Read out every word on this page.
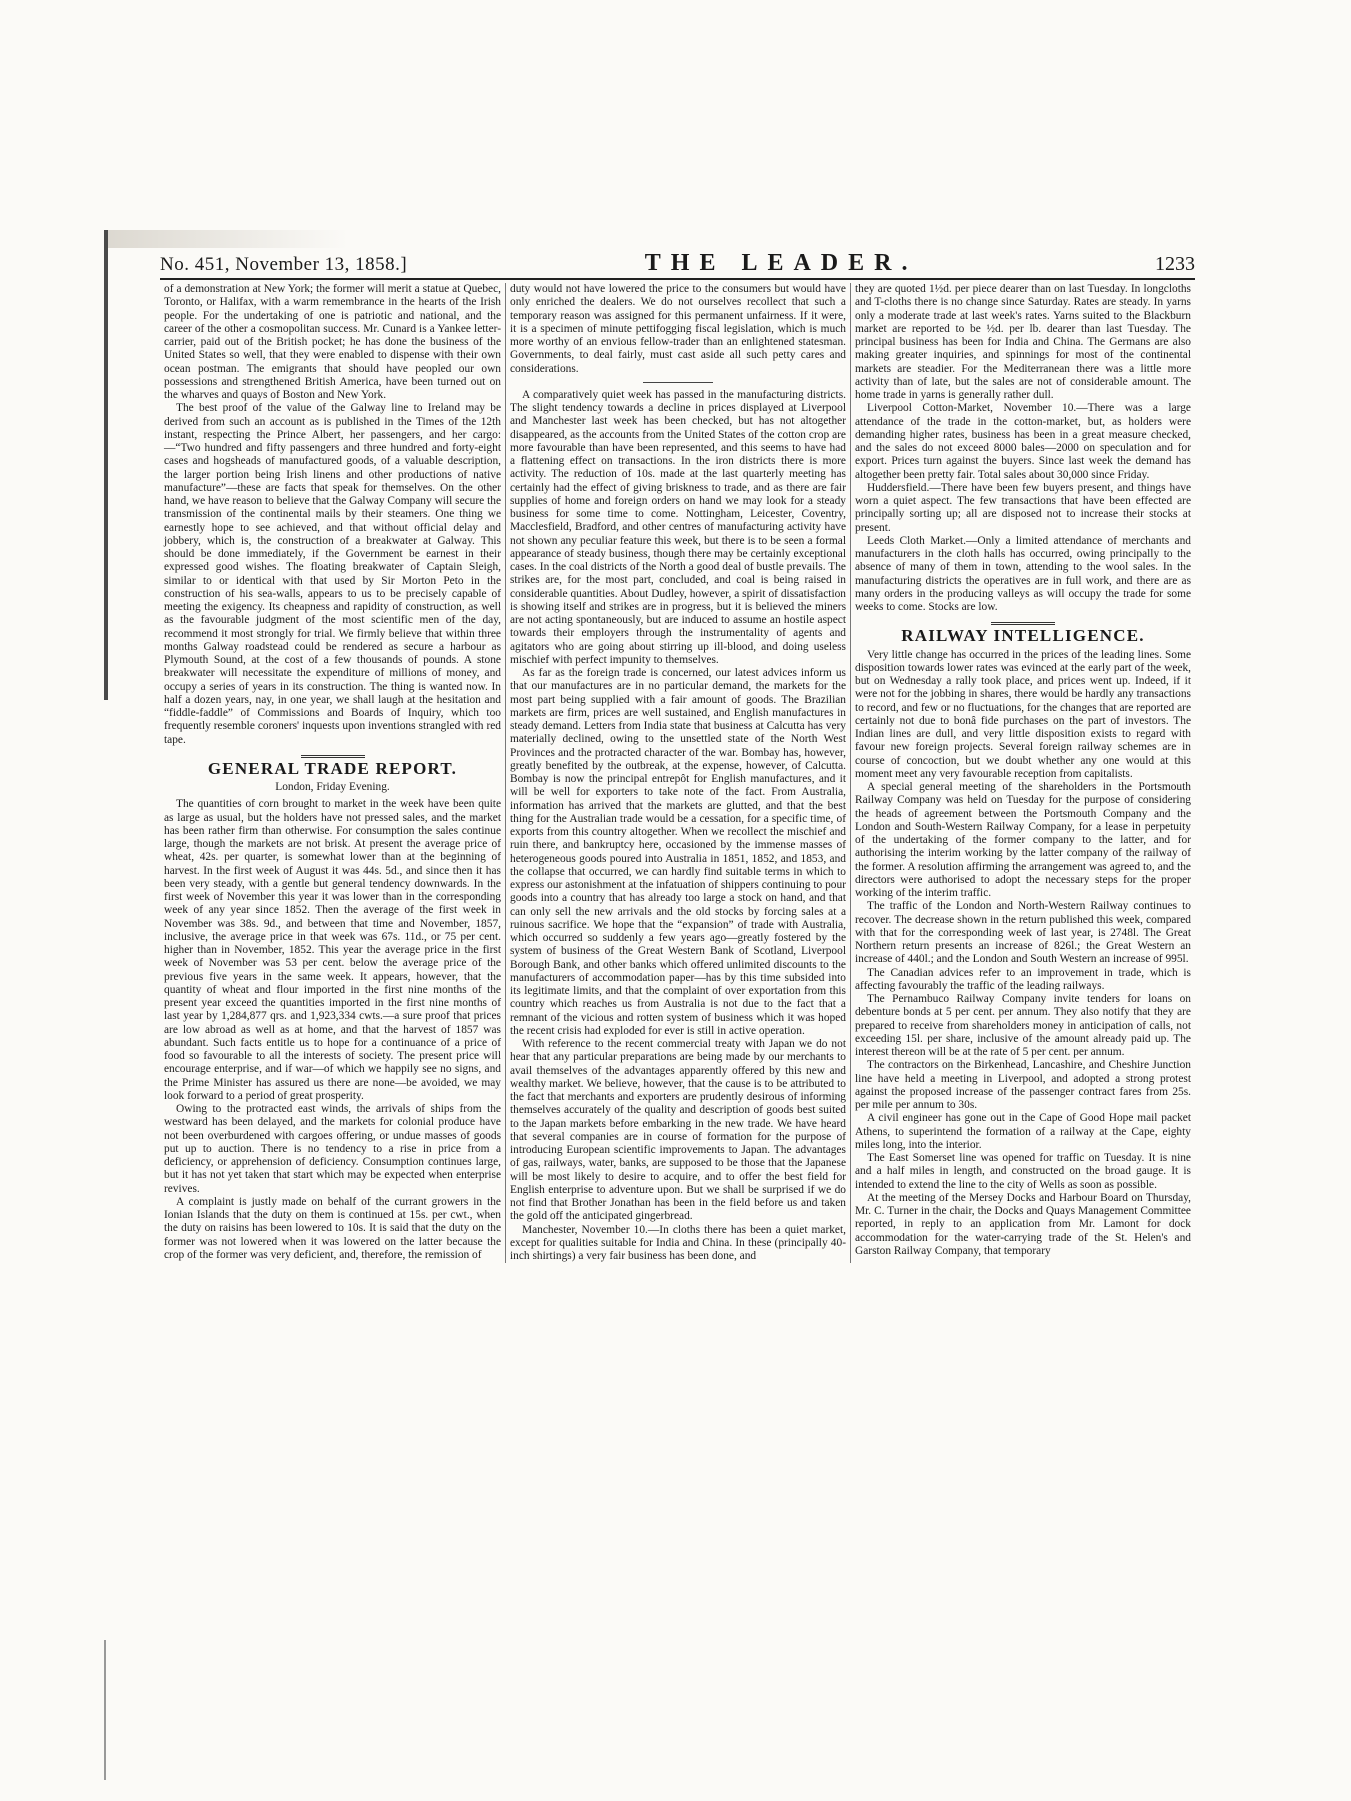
No. 451, November 13, 1858.]	THE LEADER.	1233

of a demonstration at New York; the former will merit a statue at Quebec, Toronto, or Halifax, with a warm remembrance in the hearts of the Irish people. For the undertaking of one is patriotic and national, and the career of the other a cosmopolitan success. Mr. Cunard is a Yankee letter-carrier, paid out of the British pocket; he has done the business of the United States so well, that they were enabled to dispense with their own ocean postman. The emigrants that should have peopled our own possessions and strengthened British America, have been turned out on the wharves and quays of Boston and New York.

The best proof of the value of the Galway line to Ireland may be derived from such an account as is published in the Times of the 12th instant, respecting the Prince Albert, her passengers, and her cargo:—“Two hundred and fifty passengers and three hundred and forty-eight cases and hogsheads of manufactured goods, of a valuable description, the larger portion being Irish linens and other productions of native manufacture”—these are facts that speak for themselves. On the other hand, we have reason to believe that the Galway Company will secure the transmission of the continental mails by their steamers. One thing we earnestly hope to see achieved, and that without official delay and jobbery, which is, the construction of a breakwater at Galway. This should be done immediately, if the Government be earnest in their expressed good wishes. The floating breakwater of Captain Sleigh, similar to or identical with that used by Sir Morton Peto in the construction of his sea-walls, appears to us to be precisely capable of meeting the exigency. Its cheapness and rapidity of construction, as well as the favourable judgment of the most scientific men of the day, recommend it most strongly for trial. We firmly believe that within three months Galway roadstead could be rendered as secure a harbour as Plymouth Sound, at the cost of a few thousands of pounds. A stone breakwater will necessitate the expenditure of millions of money, and occupy a series of years in its construction. The thing is wanted now. In half a dozen years, nay, in one year, we shall laugh at the hesitation and “fiddle-faddle” of Commissions and Boards of Inquiry, which too frequently resemble coroners' inquests upon inventions strangled with red tape.

GENERAL TRADE REPORT.
London, Friday Evening.

The quantities of corn brought to market in the week have been quite as large as usual, but the holders have not pressed sales, and the market has been rather firm than otherwise. For consumption the sales continue large, though the markets are not brisk. At present the average price of wheat, 42s. per quarter, is somewhat lower than at the beginning of harvest. In the first week of August it was 44s. 5d., and since then it has been very steady, with a gentle but general tendency downwards. In the first week of November this year it was lower than in the corresponding week of any year since 1852. Then the average of the first week in November was 38s. 9d., and between that time and November, 1857, inclusive, the average price in that week was 67s. 11d., or 75 per cent. higher than in November, 1852. This year the average price in the first week of November was 53 per cent. below the average price of the previous five years in the same week. It appears, however, that the quantity of wheat and flour imported in the first nine months of the present year exceed the quantities imported in the first nine months of last year by 1,284,877 qrs. and 1,923,334 cwts.—a sure proof that prices are low abroad as well as at home, and that the harvest of 1857 was abundant. Such facts entitle us to hope for a continuance of a price of food so favourable to all the interests of society. The present price will encourage enterprise, and if war—of which we happily see no signs, and the Prime Minister has assured us there are none—be avoided, we may look forward to a period of great prosperity.

Owing to the protracted east winds, the arrivals of ships from the westward has been delayed, and the markets for colonial produce have not been overburdened with cargoes offering, or undue masses of goods put up to auction. There is no tendency to a rise in price from a deficiency, or apprehension of deficiency. Consumption continues large, but it has not yet taken that start which may be expected when enterprise revives.

A complaint is justly made on behalf of the currant growers in the Ionian Islands that the duty on them is continued at 15s. per cwt., when the duty on raisins has been lowered to 10s. It is said that the duty on the former was not lowered when it was lowered on the latter because the crop of the former was very deficient, and, therefore, the remission of

duty would not have lowered the price to the consumers but would have only enriched the dealers. We do not ourselves recollect that such a temporary reason was assigned for this permanent unfairness. If it were, it is a specimen of minute pettifogging fiscal legislation, which is much more worthy of an envious fellow-trader than an enlightened statesman. Governments, to deal fairly, must cast aside all such petty cares and considerations.

A comparatively quiet week has passed in the manufacturing districts. The slight tendency towards a decline in prices displayed at Liverpool and Manchester last week has been checked, but has not altogether disappeared, as the accounts from the United States of the cotton crop are more favourable than have been represented, and this seems to have had a flattening effect on transactions. In the iron districts there is more activity. The reduction of 10s. made at the last quarterly meeting has certainly had the effect of giving briskness to trade, and as there are fair supplies of home and foreign orders on hand we may look for a steady business for some time to come. Nottingham, Leicester, Coventry, Macclesfield, Bradford, and other centres of manufacturing activity have not shown any peculiar feature this week, but there is to be seen a formal appearance of steady business, though there may be certainly exceptional cases. In the coal districts of the North a good deal of bustle prevails. The strikes are, for the most part, concluded, and coal is being raised in considerable quantities. About Dudley, however, a spirit of dissatisfaction is showing itself and strikes are in progress, but it is believed the miners are not acting spontaneously, but are induced to assume an hostile aspect towards their employers through the instrumentality of agents and agitators who are going about stirring up ill-blood, and doing useless mischief with perfect impunity to themselves.

As far as the foreign trade is concerned, our latest advices inform us that our manufactures are in no particular demand, the markets for the most part being supplied with a fair amount of goods. The Brazilian markets are firm, prices are well sustained, and English manufactures in steady demand. Letters from India state that business at Calcutta has very materially declined, owing to the unsettled state of the North West Provinces and the protracted character of the war. Bombay has, however, greatly benefited by the outbreak, at the expense, however, of Calcutta. Bombay is now the principal entrepôt for English manufactures, and it will be well for exporters to take note of the fact. From Australia, information has arrived that the markets are glutted, and that the best thing for the Australian trade would be a cessation, for a specific time, of exports from this country altogether. When we recollect the mischief and ruin there, and bankruptcy here, occasioned by the immense masses of heterogeneous goods poured into Australia in 1851, 1852, and 1853, and the collapse that occurred, we can hardly find suitable terms in which to express our astonishment at the infatuation of shippers continuing to pour goods into a country that has already too large a stock on hand, and that can only sell the new arrivals and the old stocks by forcing sales at a ruinous sacrifice. We hope that the “expansion” of trade with Australia, which occurred so suddenly a few years ago—greatly fostered by the system of business of the Great Western Bank of Scotland, Liverpool Borough Bank, and other banks which offered unlimited discounts to the manufacturers of accommodation paper—has by this time subsided into its legitimate limits, and that the complaint of over exportation from this country which reaches us from Australia is not due to the fact that a remnant of the vicious and rotten system of business which it was hoped the recent crisis had exploded for ever is still in active operation.

With reference to the recent commercial treaty with Japan we do not hear that any particular preparations are being made by our merchants to avail themselves of the advantages apparently offered by this new and wealthy market. We believe, however, that the cause is to be attributed to the fact that merchants and exporters are prudently desirous of informing themselves accurately of the quality and description of goods best suited to the Japan markets before embarking in the new trade. We have heard that several companies are in course of formation for the purpose of introducing European scientific improvements to Japan. The advantages of gas, railways, water, banks, are supposed to be those that the Japanese will be most likely to desire to acquire, and to offer the best field for English enterprise to adventure upon. But we shall be surprised if we do not find that Brother Jonathan has been in the field before us and taken the gold off the anticipated gingerbread.

Manchester, November 10.—In cloths there has been a quiet market, except for qualities suitable for India and China. In these (principally 40-inch shirtings) a very fair business has been done, and

they are quoted 1½d. per piece dearer than on last Tuesday. In longcloths and T-cloths there is no change since Saturday. Rates are steady. In yarns only a moderate trade at last week's rates. Yarns suited to the Blackburn market are reported to be ½d. per lb. dearer than last Tuesday. The principal business has been for India and China. The Germans are also making greater inquiries, and spinnings for most of the continental markets are steadier. For the Mediterranean there was a little more activity than of late, but the sales are not of considerable amount. The home trade in yarns is generally rather dull.

Liverpool Cotton-Market, November 10.—There was a large attendance of the trade in the cotton-market, but, as holders were demanding higher rates, business has been in a great measure checked, and the sales do not exceed 8000 bales—2000 on speculation and for export. Prices turn against the buyers. Since last week the demand has altogether been pretty fair. Total sales about 30,000 since Friday.

Huddersfield.—There have been few buyers present, and things have worn a quiet aspect. The few transactions that have been effected are principally sorting up; all are disposed not to increase their stocks at present.

Leeds Cloth Market.—Only a limited attendance of merchants and manufacturers in the cloth halls has occurred, owing principally to the absence of many of them in town, attending to the wool sales. In the manufacturing districts the operatives are in full work, and there are as many orders in the producing valleys as will occupy the trade for some weeks to come. Stocks are low.

RAILWAY INTELLIGENCE.

Very little change has occurred in the prices of the leading lines. Some disposition towards lower rates was evinced at the early part of the week, but on Wednesday a rally took place, and prices went up. Indeed, if it were not for the jobbing in shares, there would be hardly any transactions to record, and few or no fluctuations, for the changes that are reported are certainly not due to bonâ fide purchases on the part of investors. The Indian lines are dull, and very little disposition exists to regard with favour new foreign projects. Several foreign railway schemes are in course of concoction, but we doubt whether any one would at this moment meet any very favourable reception from capitalists.

A special general meeting of the shareholders in the Portsmouth Railway Company was held on Tuesday for the purpose of considering the heads of agreement between the Portsmouth Company and the London and South-Western Railway Company, for a lease in perpetuity of the undertaking of the former company to the latter, and for authorising the interim working by the latter company of the railway of the former. A resolution affirming the arrangement was agreed to, and the directors were authorised to adopt the necessary steps for the proper working of the interim traffic.

The traffic of the London and North-Western Railway continues to recover. The decrease shown in the return published this week, compared with that for the corresponding week of last year, is 2748l. The Great Northern return presents an increase of 826l.; the Great Western an increase of 440l.; and the London and South Western an increase of 995l.

The Canadian advices refer to an improvement in trade, which is affecting favourably the traffic of the leading railways.

The Pernambuco Railway Company invite tenders for loans on debenture bonds at 5 per cent. per annum. They also notify that they are prepared to receive from shareholders money in anticipation of calls, not exceeding 15l. per share, inclusive of the amount already paid up. The interest thereon will be at the rate of 5 per cent. per annum.

The contractors on the Birkenhead, Lancashire, and Cheshire Junction line have held a meeting in Liverpool, and adopted a strong protest against the proposed increase of the passenger contract fares from 25s. per mile per annum to 30s.

A civil engineer has gone out in the Cape of Good Hope mail packet Athens, to superintend the formation of a railway at the Cape, eighty miles long, into the interior.

The East Somerset line was opened for traffic on Tuesday. It is nine and a half miles in length, and constructed on the broad gauge. It is intended to extend the line to the city of Wells as soon as possible.

At the meeting of the Mersey Docks and Harbour Board on Thursday, Mr. C. Turner in the chair, the Docks and Quays Management Committee reported, in reply to an application from Mr. Lamont for dock accommodation for the water-carrying trade of the St. Helen's and Garston Railway Company, that temporary
